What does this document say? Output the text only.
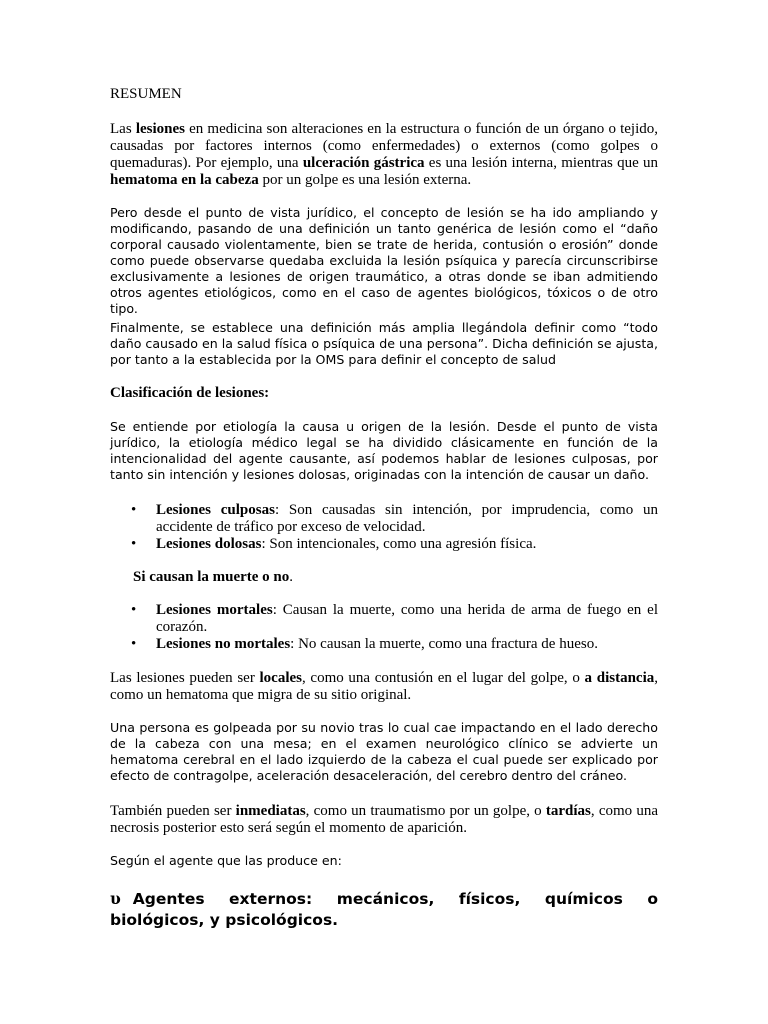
RESUMEN

Las lesiones en medicina son alteraciones en la estructura o función de un órgano o tejido, causadas por factores internos (como enfermedades) o externos (como golpes o quemaduras). Por ejemplo, una ulceración gástrica es una lesión interna, mientras que un hematoma en la cabeza por un golpe es una lesión externa.

Pero desde el punto de vista jurídico, el concepto de lesión se ha ido ampliando y modificando, pasando de una definición un tanto genérica de lesión como el “daño corporal causado violentamente, bien se trate de herida, contusión o erosión” donde como puede observarse quedaba excluida la lesión psíquica y parecía circunscribirse exclusivamente a lesiones de origen traumático, a otras donde se iban admitiendo otros agentes etiológicos, como en el caso de agentes biológicos, tóxicos o de otro tipo.

Finalmente, se establece una definición más amplia llegándola definir como “todo daño causado en la salud física o psíquica de una persona”. Dicha definición se ajusta, por tanto a la establecida por la OMS para definir el concepto de salud

Clasificación de lesiones:

Se entiende por etiología la causa u origen de la lesión. Desde el punto de vista jurídico, la etiología médico legal se ha dividido clásicamente en función de la intencionalidad del agente causante, así podemos hablar de lesiones culposas, por tanto sin intención y lesiones dolosas, originadas con la intención de causar un daño.

• Lesiones culposas: Son causadas sin intención, por imprudencia, como un accidente de tráfico por exceso de velocidad.
• Lesiones dolosas: Son intencionales, como una agresión física.

Si causan la muerte o no.

• Lesiones mortales: Causan la muerte, como una herida de arma de fuego en el corazón.
• Lesiones no mortales: No causan la muerte, como una fractura de hueso.

Las lesiones pueden ser locales, como una contusión en el lugar del golpe, o a distancia, como un hematoma que migra de su sitio original.

Una persona es golpeada por su novio tras lo cual cae impactando en el lado derecho de la cabeza con una mesa; en el examen neurológico clínico se advierte un hematoma cerebral en el lado izquierdo de la cabeza el cual puede ser explicado por efecto de contragolpe, aceleración desaceleración, del cerebro dentro del cráneo.

También pueden ser inmediatas, como un traumatismo por un golpe, o tardías, como una necrosis posterior esto será según el momento de aparición.

Según el agente que las produce en:

υ Agentes externos: mecánicos, físicos, químicos o biológicos, y psicológicos.
